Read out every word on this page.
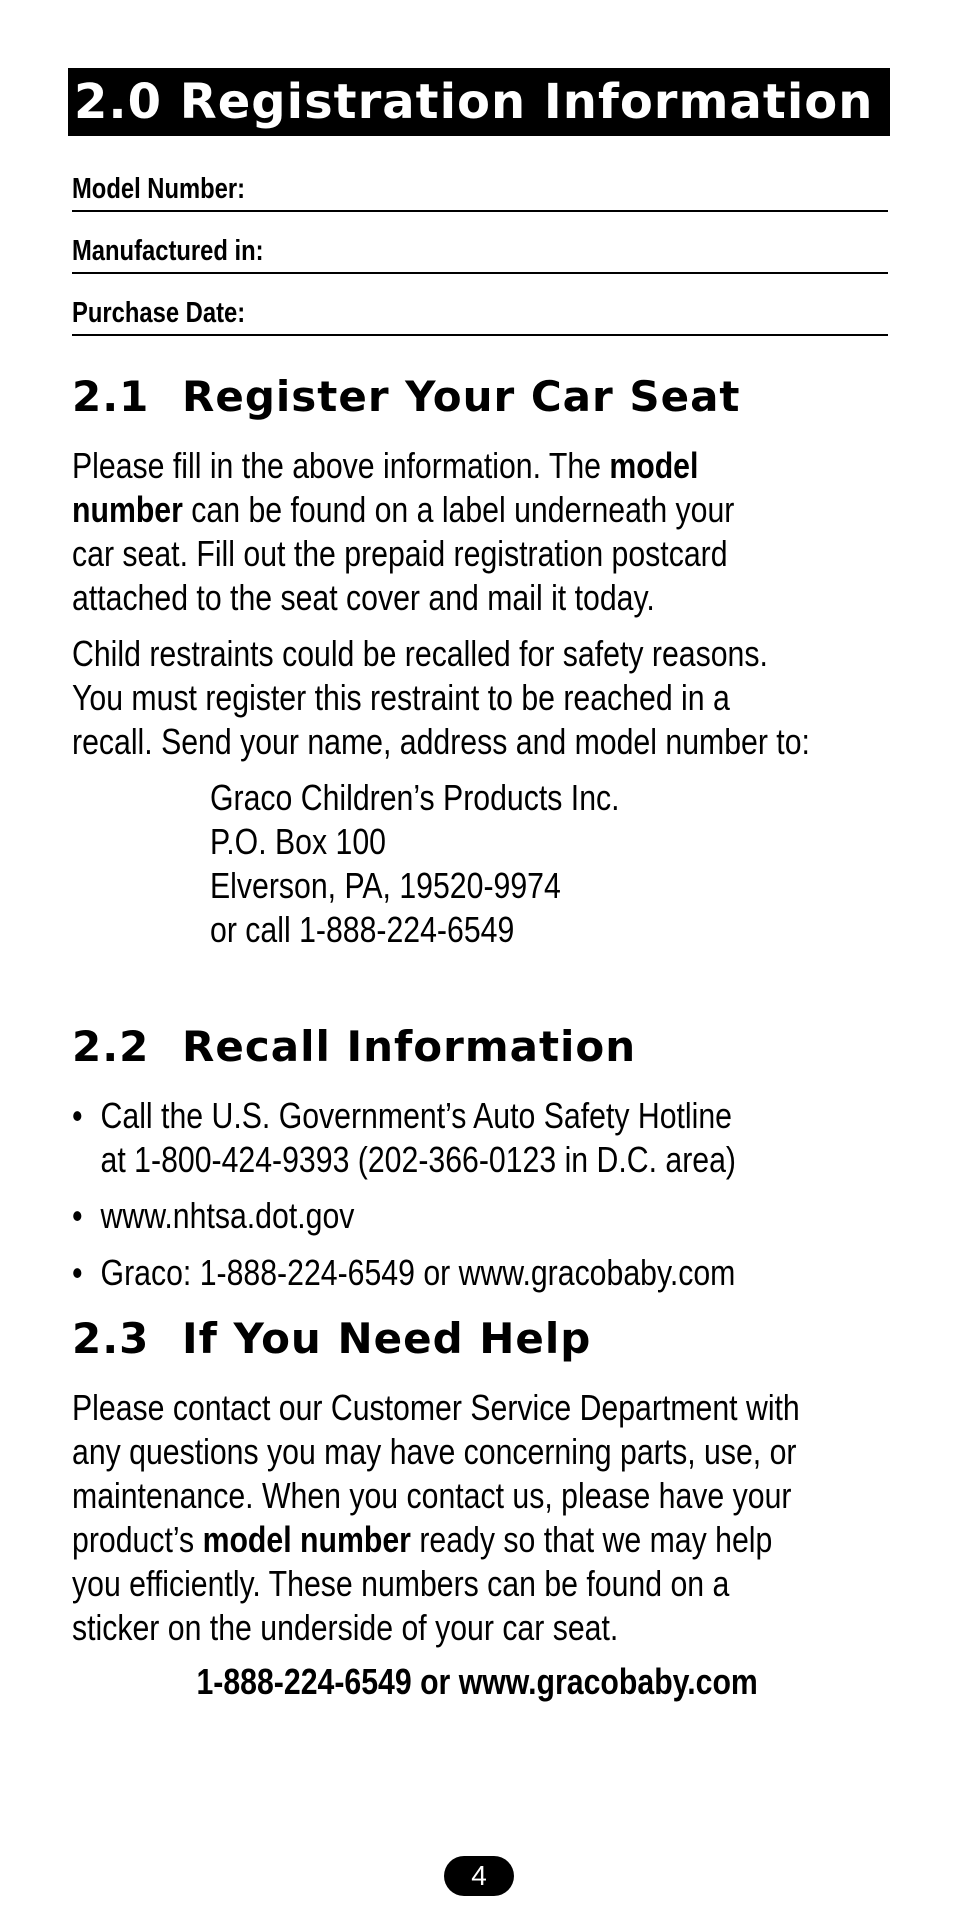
2.0 Registration Information
Model Number:
Manufactured in:
Purchase Date:
2.1 Register Your Car Seat
Please fill in the above information. The model
number can be found on a label underneath your
car seat. Fill out the prepaid registration postcard
attached to the seat cover and mail it today.
Child restraints could be recalled for safety reasons.
You must register this restraint to be reached in a
recall. Send your name, address and model number to:
Graco Children’s Products Inc.
P.O. Box 100
Elverson, PA, 19520-9974
or call 1-888-224-6549
2.2 Recall Information
• Call the U.S. Government’s Auto Safety Hotline
at 1-800-424-9393 (202-366-0123 in D.C. area)
• www.nhtsa.dot.gov
• Graco: 1-888-224-6549 or www.gracobaby.com
2.3 If You Need Help
Please contact our Customer Service Department with
any questions you may have concerning parts, use, or
maintenance. When you contact us, please have your
product’s model number ready so that we may help
you efficiently. These numbers can be found on a
sticker on the underside of your car seat.
1-888-224-6549 or www.gracobaby.com
4
